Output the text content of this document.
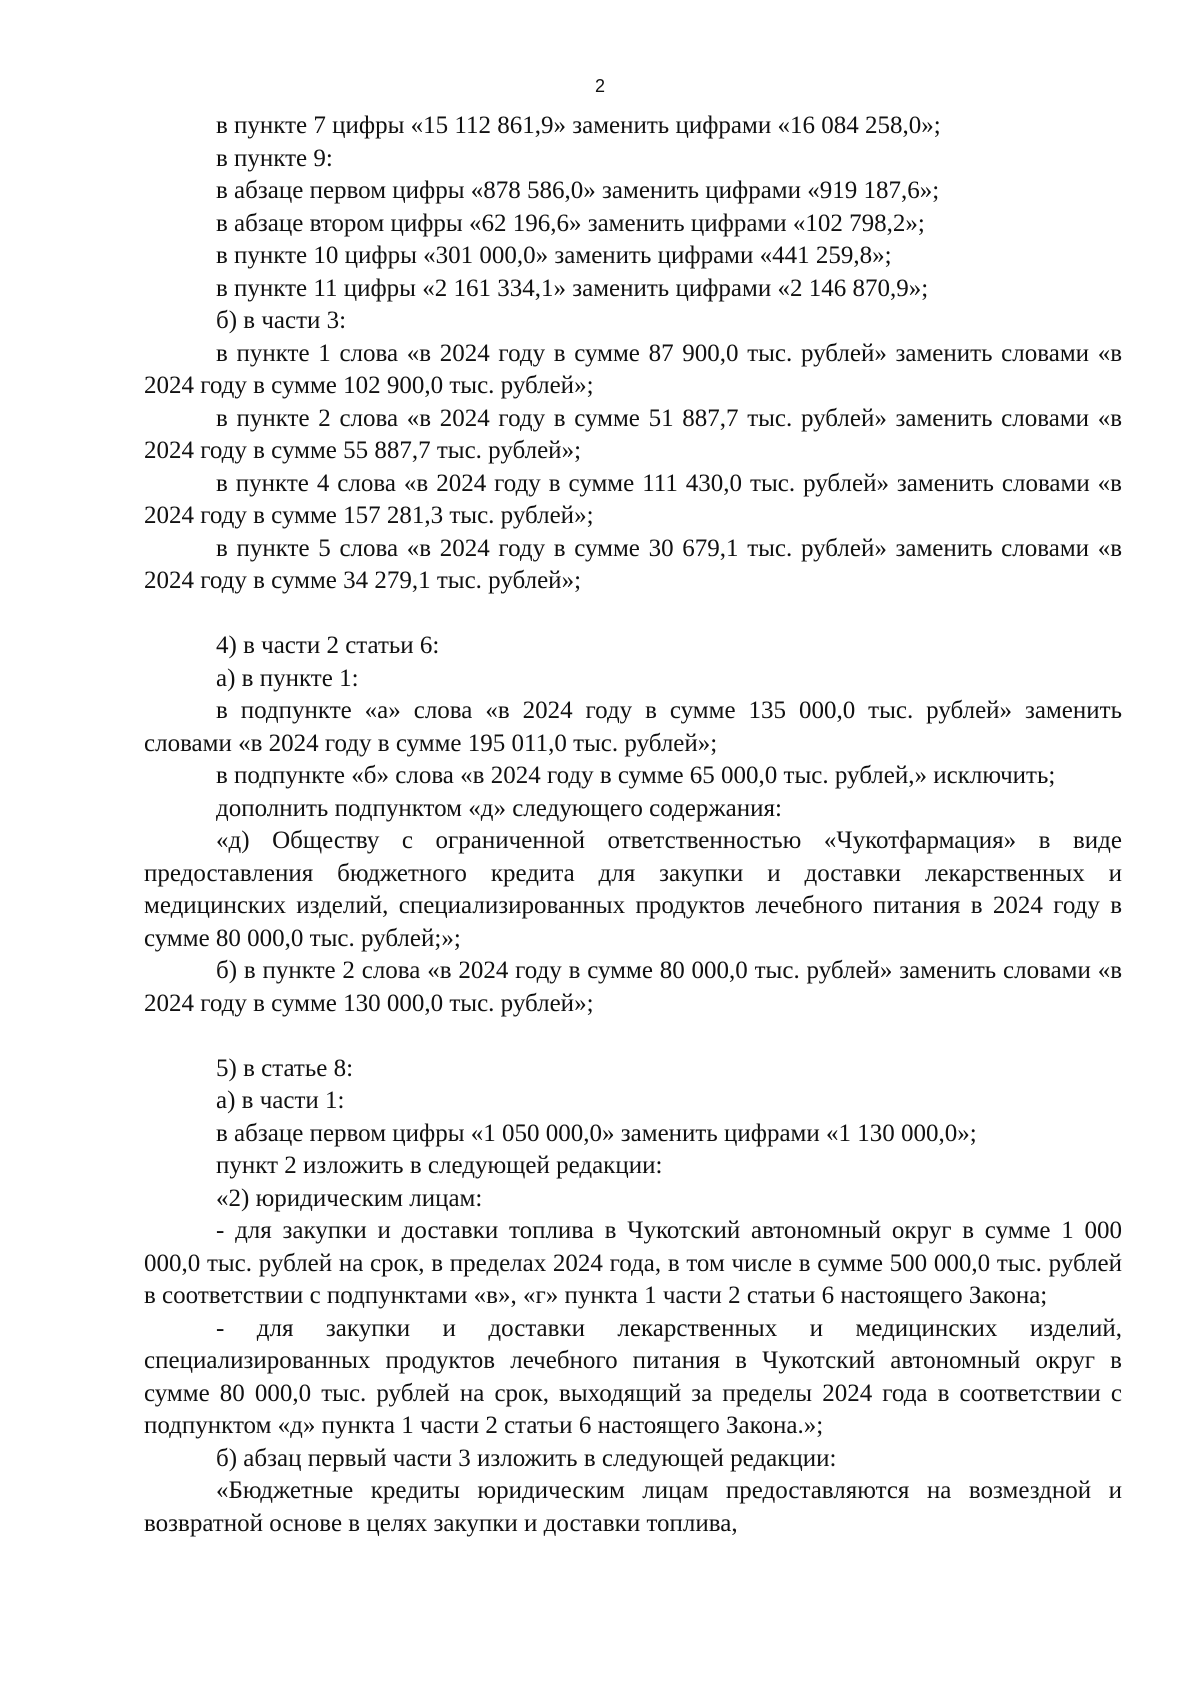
2

в пункте 7 цифры «15 112 861,9» заменить цифрами «16 084 258,0»;

в пункте 9:

в абзаце первом цифры «878 586,0» заменить цифрами «919 187,6»;

в абзаце втором цифры «62 196,6» заменить цифрами «102 798,2»;

в пункте 10 цифры «301 000,0» заменить цифрами «441 259,8»;

в пункте 11 цифры «2 161 334,1» заменить цифрами «2 146 870,9»;

б) в части 3:

в пункте 1 слова «в 2024 году в сумме 87 900,0 тыс. рублей» заменить словами «в 2024 году в сумме 102 900,0 тыс. рублей»;

в пункте 2 слова «в 2024 году в сумме 51 887,7 тыс. рублей» заменить словами «в 2024 году в сумме 55 887,7 тыс. рублей»;

в пункте 4 слова «в 2024 году в сумме 111 430,0 тыс. рублей» заменить словами «в 2024 году в сумме 157 281,3 тыс. рублей»;

в пункте 5 слова «в 2024 году в сумме 30 679,1 тыс. рублей» заменить словами «в 2024 году в сумме 34 279,1 тыс. рублей»;

4) в части 2 статьи 6:

а) в пункте 1:

в подпункте «а» слова «в 2024 году в сумме 135 000,0 тыс. рублей» заменить словами «в 2024 году в сумме 195 011,0 тыс. рублей»;

в подпункте «б» слова «в 2024 году в сумме 65 000,0 тыс. рублей,» исключить;

дополнить подпунктом «д» следующего содержания:

«д) Обществу с ограниченной ответственностью «Чукотфармация» в виде предоставления бюджетного кредита для закупки и доставки лекарственных и медицинских изделий, специализированных продуктов лечебного питания в 2024 году в сумме 80 000,0 тыс. рублей;»;

б) в пункте 2 слова «в 2024 году в сумме 80 000,0 тыс. рублей» заменить словами «в 2024 году в сумме 130 000,0 тыс. рублей»;

5) в статье 8:

а) в части 1:

в абзаце первом цифры «1 050 000,0» заменить цифрами «1 130 000,0»;

пункт 2 изложить в следующей редакции:

«2) юридическим лицам:

- для закупки и доставки топлива в Чукотский автономный округ в сумме 1 000 000,0 тыс. рублей на срок, в пределах 2024 года, в том числе в сумме 500 000,0 тыс. рублей в соответствии с подпунктами «в», «г» пункта 1 части 2 статьи 6 настоящего Закона;

- для закупки и доставки лекарственных и медицинских изделий, специализированных продуктов лечебного питания в Чукотский автономный округ в сумме 80 000,0 тыс. рублей на срок, выходящий за пределы 2024 года в соответствии с подпунктом «д» пункта 1 части 2 статьи 6 настоящего Закона.»;

б) абзац первый части 3 изложить в следующей редакции:

«Бюджетные кредиты юридическим лицам предоставляются на возмездной и возвратной основе в целях закупки и доставки топлива,
